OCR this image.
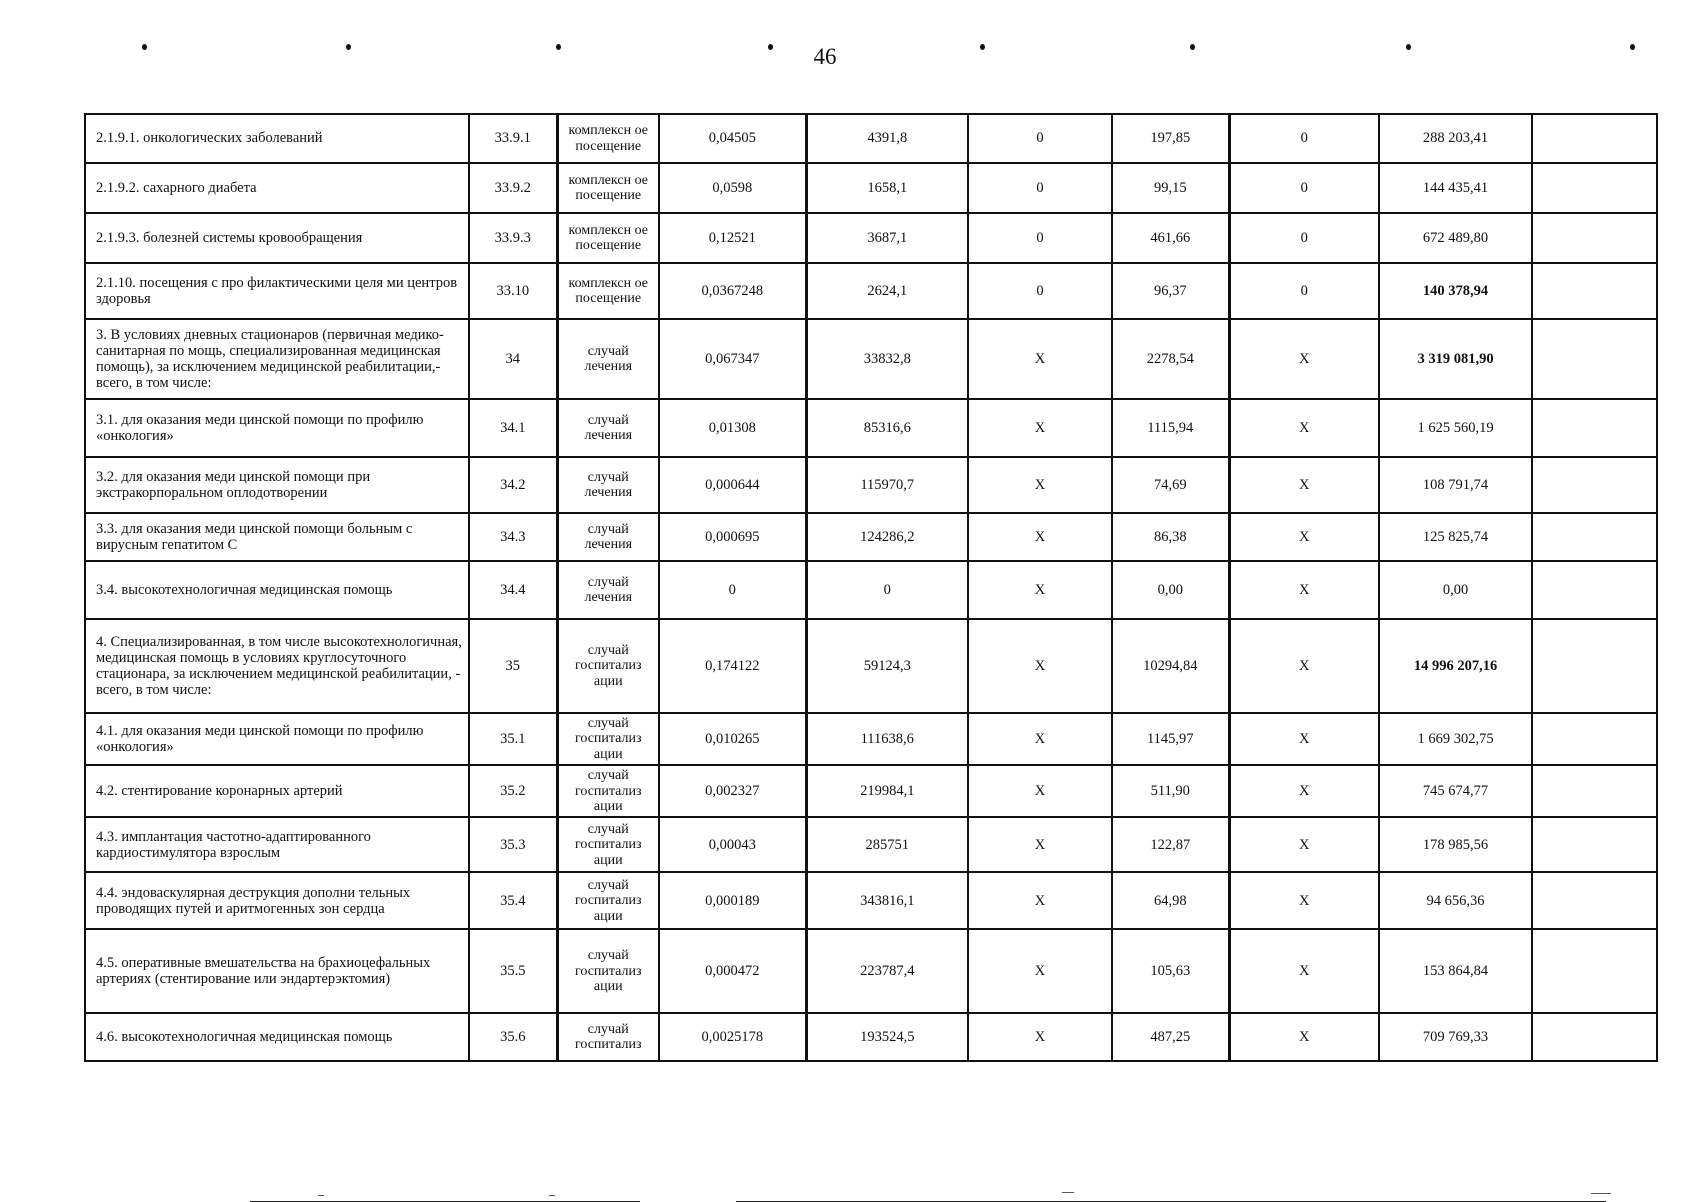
46
2.1.9.1. онкологических заболеваний	33.9.1	комплексн ое посещение	0,04505	4391,8	0	197,85	0	288 203,41	
2.1.9.2. сахарного диабета	33.9.2	комплексн ое посещение	0,0598	1658,1	0	99,15	0	144 435,41	
2.1.9.3. болезней системы кровообращения	33.9.3	комплексн ое посещение	0,12521	3687,1	0	461,66	0	672 489,80	
2.1.10. посещения с про филактическими целя ми центров здоровья	33.10	комплексн ое посещение	0,0367248	2624,1	0	96,37	0	140 378,94	
3. В условиях дневных стационаров (первичная медико-санитарная по мощь, специализированная медицинская помощь), за исключением медицинской реабилитации,- всего, в том числе:	34	случай лечения	0,067347	33832,8	X	2278,54	X	3 319 081,90	
3.1. для оказания меди цинской помощи по профилю «онкология»	34.1	случай лечения	0,01308	85316,6	X	1115,94	X	1 625 560,19	
3.2. для оказания меди цинской помощи при экстракорпоральном оплодотворении	34.2	случай лечения	0,000644	115970,7	X	74,69	X	108 791,74	
3.3. для оказания меди цинской помощи больным с вирусным гепатитом С	34.3	случай лечения	0,000695	124286,2	X	86,38	X	125 825,74	
3.4. высокотехнологичная медицинская помощь	34.4	случай лечения	0	0	X	0,00	X	0,00	
4. Специализированная, в том числе высокотехнологичная, медицинская помощь в условиях круглосуточного стационара, за исключением медицинской реабилитации, - всего, в том числе:	35	случай госпитализ ации	0,174122	59124,3	X	10294,84	X	14 996 207,16	
4.1. для оказания меди цинской помощи по профилю «онкология»	35.1	случай госпитализ ации	0,010265	111638,6	X	1145,97	X	1 669 302,75	
4.2. стентирование коронарных артерий	35.2	случай госпитализ ации	0,002327	219984,1	X	511,90	X	745 674,77	
4.3. имплантация частотно-адаптированного кардиостимулятора взрослым	35.3	случай госпитализ ации	0,00043	285751	X	122,87	X	178 985,56	
4.4. эндоваскулярная деструкция дополни тельных проводящих путей и аритмогенных зон сердца	35.4	случай госпитализ ации	0,000189	343816,1	X	64,98	X	94 656,36	
4.5. оперативные вмешательства на брахиоцефальных артериях (стентирование или эндартерэктомия)	35.5	случай госпитализ ации	0,000472	223787,4	X	105,63	X	153 864,84	
4.6. высокотехнологичная медицинская помощь	35.6	случай госпитализ	0,0025178	193524,5	X	487,25	X	709 769,33	
